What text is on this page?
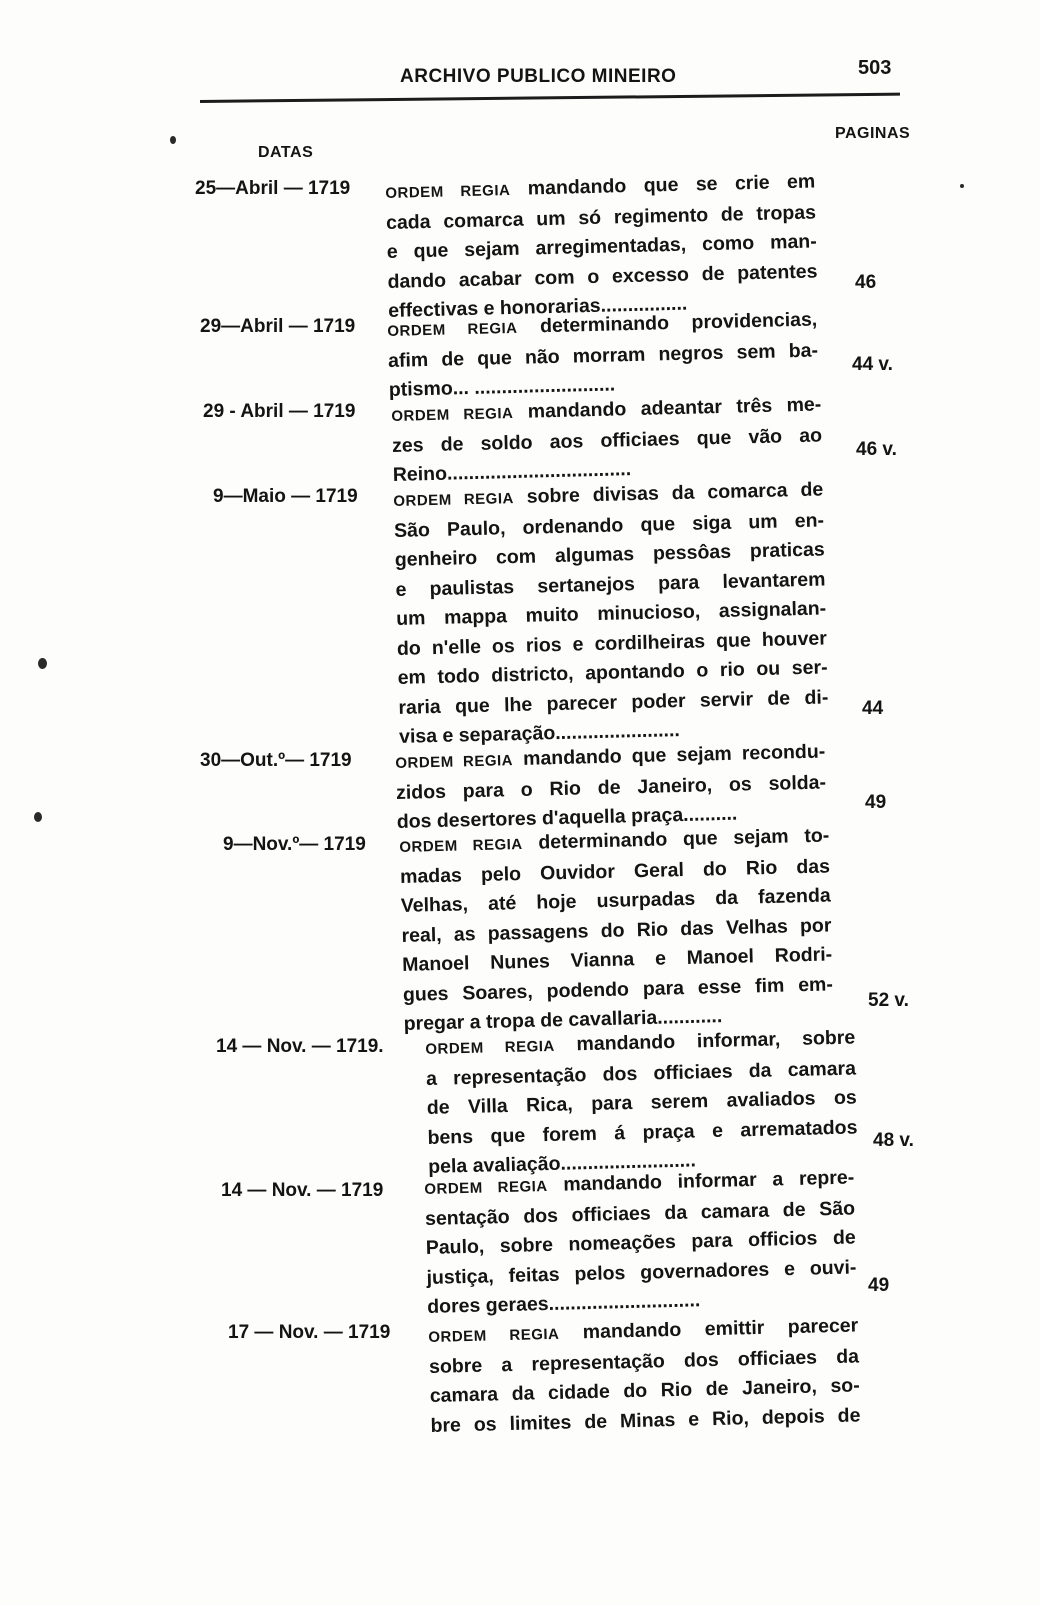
ARCHIVO PUBLICO MINEIRO	503
DATAS
PAGINAS
25—Abril — 1719 ORDEM REGIA mandando que se crie em
cada comarca um só regimento de tropas
e que sejam arregimentadas, como man-
dando acabar com o excesso de patentes
effectivas e honorarias................
46
29—Abril — 1719 ORDEM REGIA determinando providencias,
afim de que não morram negros sem ba-
ptismo... ..........................
44 v.
29 - Abril — 1719 ORDEM REGIA mandando adeantar três me-
zes de soldo aos officiaes que vão ao
Reino..................................
46 v.
9—Maio — 1719 ORDEM REGIA sobre divisas da comarca de
São Paulo, ordenando que siga um en-
genheiro com algumas pessôas praticas
e paulistas sertanejos para levantarem
um mappa muito minucioso, assignalan-
do n'elle os rios e cordilheiras que houver
em todo districto, apontando o rio ou ser-
raria que lhe parecer poder servir de di-
visa e separação.......................
44
30—Out.º— 1719	ORDEM REGIA mandando que sejam recondu-
zidos para o Rio de Janeiro, os solda-
dos desertores d'aquella praça..........
49
9—Nov.º— 1719 ORDEM REGIA determinando que sejam to-
madas pelo Ouvidor Geral do Rio das
Velhas, até hoje usurpadas da fazenda
real, as passagens do Rio das Velhas por
Manoel Nunes Vianna e Manoel Rodri-
gues Soares, podendo para esse fim em-
pregar a tropa de cavallaria............
52 v.
14 — Nov. — 1719.	ORDEM REGIA mandando informar, sobre
a representação dos officiaes da camara
de Villa Rica, para serem avaliados os
bens que forem á praça e arrematados
pela avaliação.........................
48 v.
14 — Nov. — 1719	ORDEM REGIA mandando informar a repre-
sentação dos officiaes da camara de São
Paulo, sobre nomeações para officios de
justiça, feitas pelos governadores e ouvi-
dores geraes............................
49
17 — Nov. — 1719	ORDEM REGIA mandando emittir parecer
sobre a representação dos officiaes da
camara da cidade do Rio de Janeiro, so-
bre os limites de Minas e Rio, depois de
